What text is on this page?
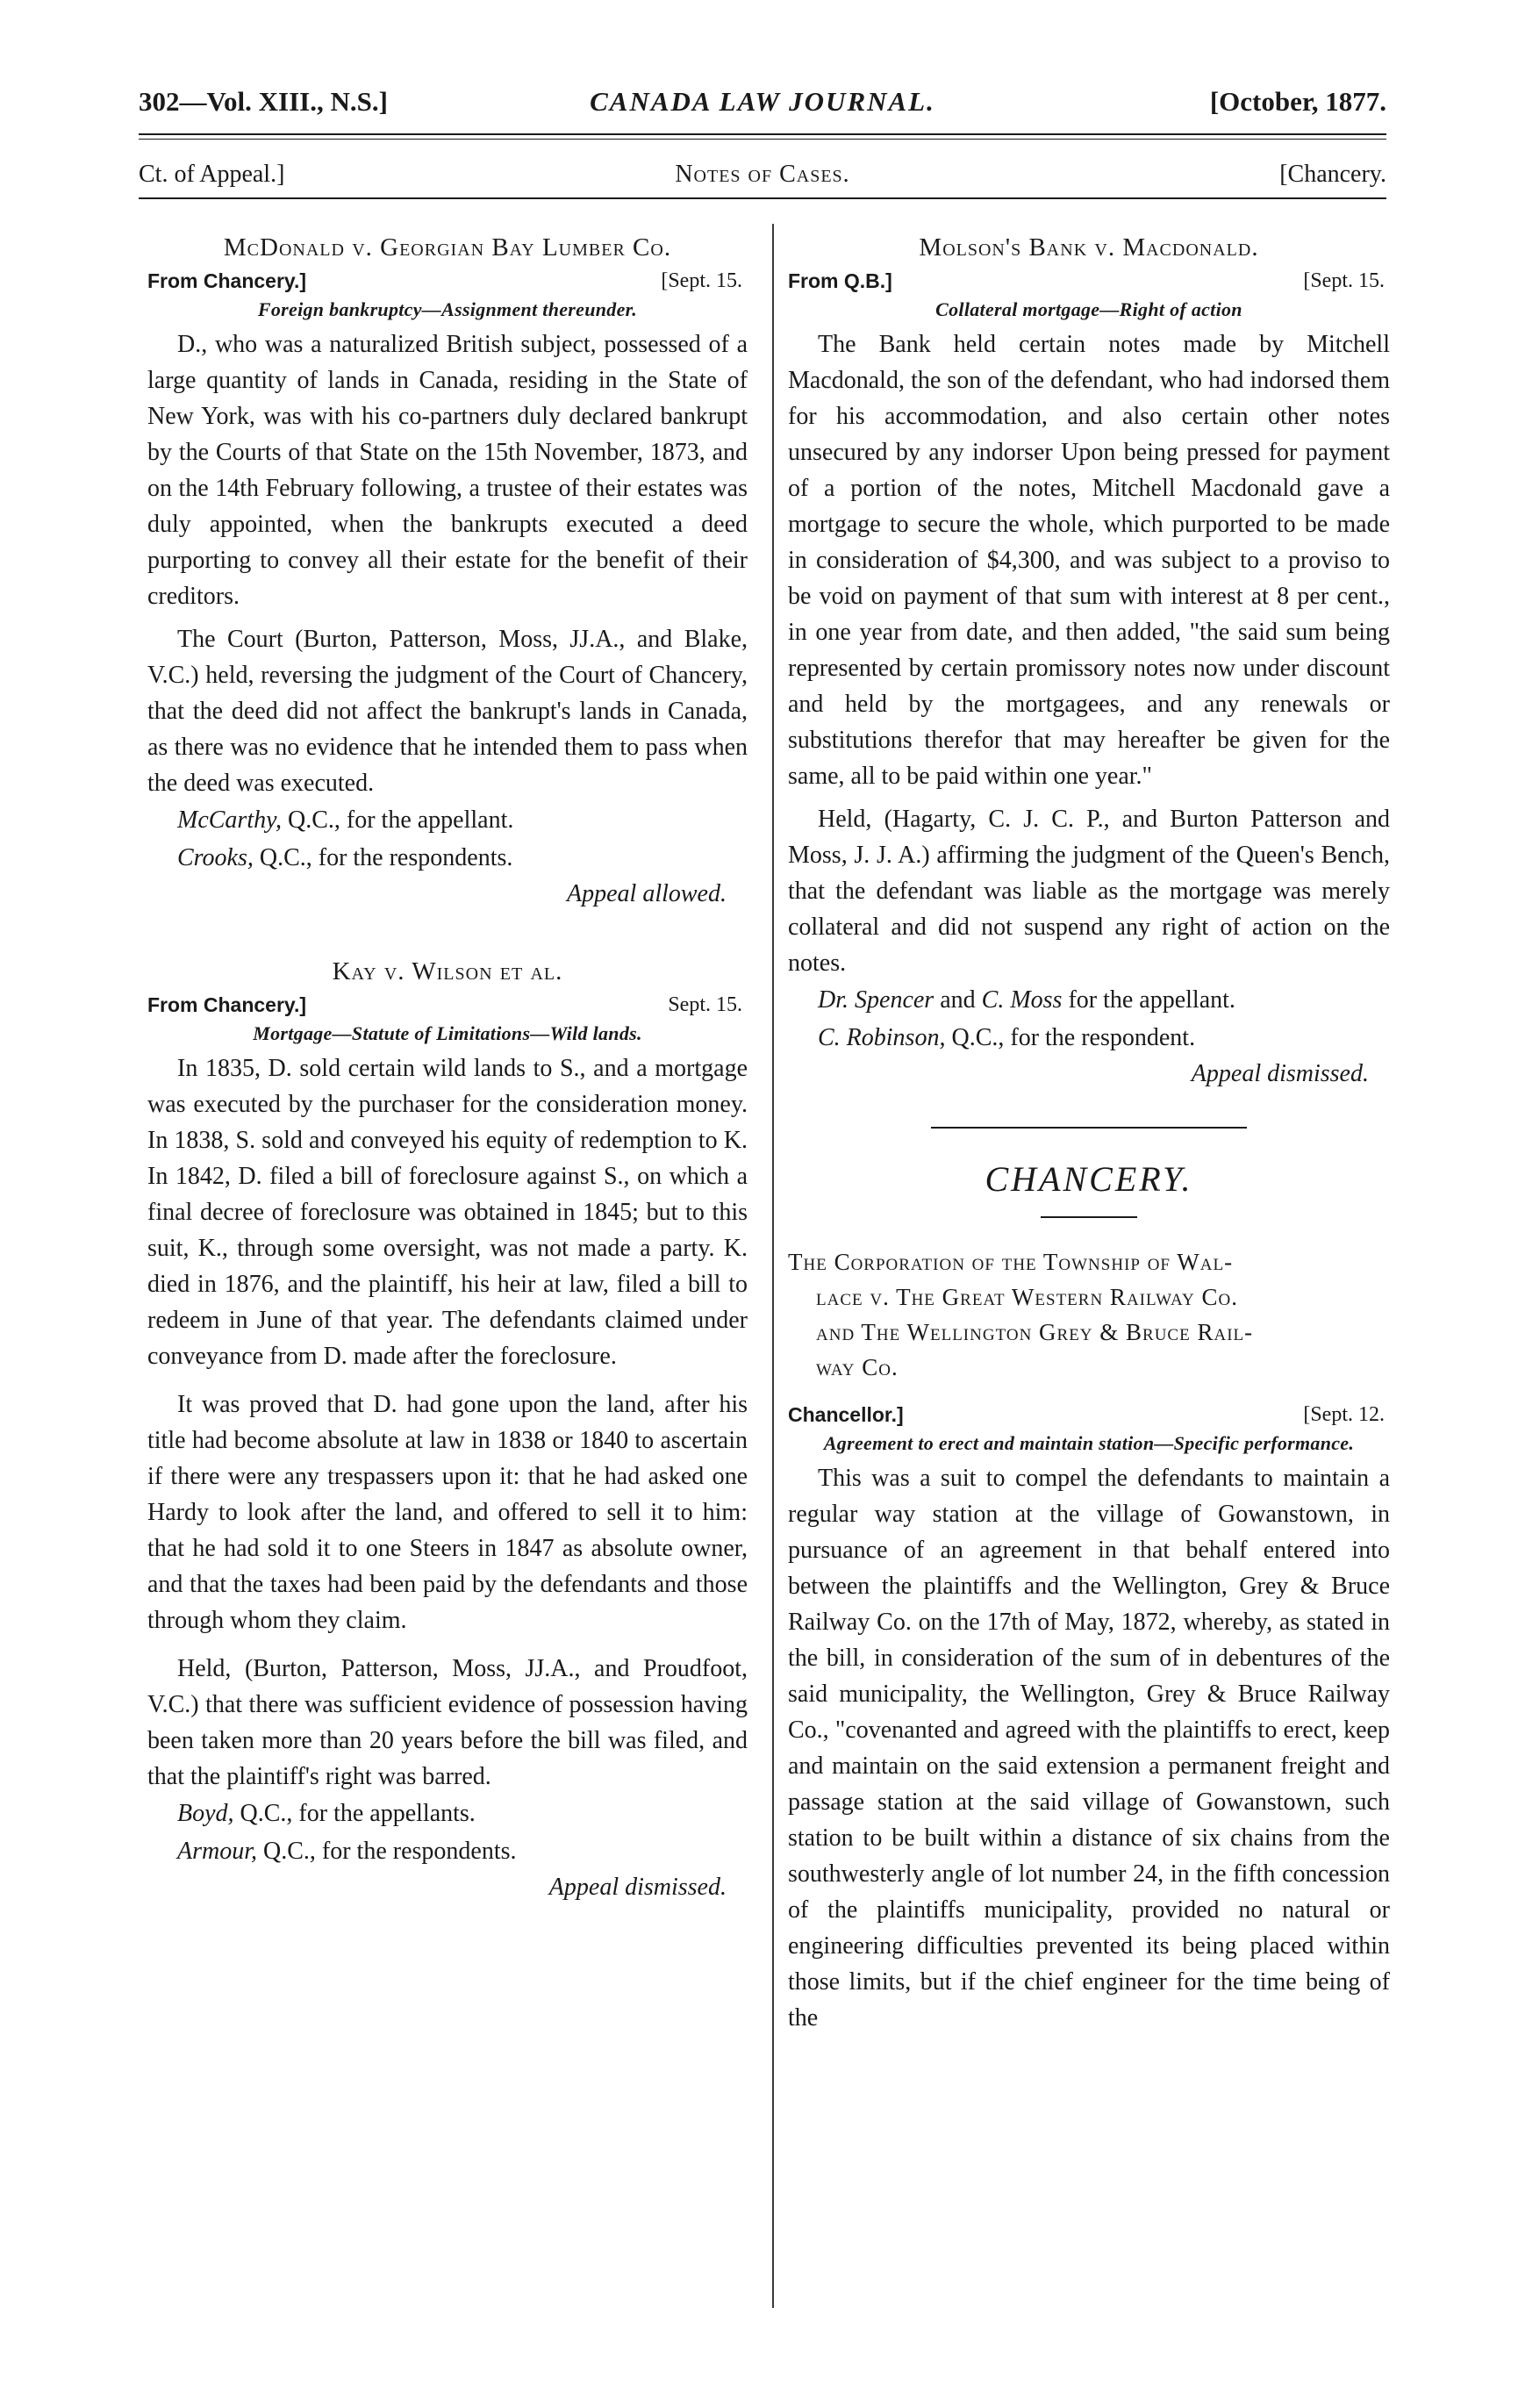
302—Vol. XIII., N.S.]	CANADA LAW JOURNAL.	[October, 1877.
Ct. of Appeal.]	Notes of Cases.	[Chancery.

McDonald v. Georgian Bay Lumber Co.

From Chancery.]	[Sept. 15.

Foreign bankruptcy—Assignment thereunder.

D., who was a naturalized British subject, possessed of a large quantity of lands in Canada, residing in the State of New York, was with his co-partners duly declared bankrupt by the Courts of that State on the 15th November, 1873, and on the 14th February following, a trustee of their estates was duly appointed, when the bankrupts executed a deed purporting to convey all their estate for the benefit of their creditors.

The Court (Burton, Patterson, Moss, JJ.A., and Blake, V.C.) held, reversing the judgment of the Court of Chancery, that the deed did not affect the bankrupt's lands in Canada, as there was no evidence that he intended them to pass when the deed was executed.

McCarthy, Q.C., for the appellant.

Crooks, Q.C., for the respondents.

Appeal allowed.

Kay v. Wilson et al.

From Chancery.]	Sept. 15.

Mortgage—Statute of Limitations—Wild lands.

In 1835, D. sold certain wild lands to S., and a mortgage was executed by the purchaser for the consideration money. In 1838, S. sold and conveyed his equity of redemption to K. In 1842, D. filed a bill of foreclosure against S., on which a final decree of foreclosure was obtained in 1845; but to this suit, K., through some oversight, was not made a party. K. died in 1876, and the plaintiff, his heir at law, filed a bill to redeem in June of that year. The defendants claimed under conveyance from D. made after the foreclosure.

It was proved that D. had gone upon the land, after his title had become absolute at law in 1838 or 1840 to ascertain if there were any trespassers upon it: that he had asked one Hardy to look after the land, and offered to sell it to him: that he had sold it to one Steers in 1847 as absolute owner, and that the taxes had been paid by the defendants and those through whom they claim.

Held, (Burton, Patterson, Moss, JJ.A., and Proudfoot, V.C.) that there was sufficient evidence of possession having been taken more than 20 years before the bill was filed, and that the plaintiff's right was barred.

Boyd, Q.C., for the appellants.

Armour, Q.C., for the respondents.

Appeal dismissed.

Molson's Bank v. Macdonald.

From Q.B.]	[Sept. 15.

Collateral mortgage—Right of action

The Bank held certain notes made by Mitchell Macdonald, the son of the defendant, who had indorsed them for his accommodation, and also certain other notes unsecured by any indorser Upon being pressed for payment of a portion of the notes, Mitchell Macdonald gave a mortgage to secure the whole, which purported to be made in consideration of $4,300, and was subject to a proviso to be void on payment of that sum with interest at 8 per cent., in one year from date, and then added, "the said sum being represented by certain promissory notes now under discount and held by the mortgagees, and any renewals or substitutions therefor that may hereafter be given for the same, all to be paid within one year."

Held, (Hagarty, C. J. C. P., and Burton Patterson and Moss, J. J. A.) affirming the judgment of the Queen's Bench, that the defendant was liable as the mortgage was merely collateral and did not suspend any right of action on the notes.

Dr. Spencer and C. Moss for the appellant.

C. Robinson, Q.C., for the respondent.

Appeal dismissed.

CHANCERY.

The Corporation of the Township of Wal-
lace v. The Great Western Railway Co.
and The Wellington Grey & Bruce Rail-
way Co.

Chancellor.]	[Sept. 12.

Agreement to erect and maintain station—Specific performance.

This was a suit to compel the defendants to maintain a regular way station at the village of Gowanstown, in pursuance of an agreement in that behalf entered into between the plaintiffs and the Wellington, Grey & Bruce Railway Co. on the 17th of May, 1872, whereby, as stated in the bill, in consideration of the sum of in debentures of the said municipality, the Wellington, Grey & Bruce Railway Co., "covenanted and agreed with the plaintiffs to erect, keep and maintain on the said extension a permanent freight and passage station at the said village of Gowanstown, such station to be built within a distance of six chains from the southwesterly angle of lot number 24, in the fifth concession of the plaintiffs municipality, provided no natural or engineering difficulties prevented its being placed within those limits, but if the chief engineer for the time being of the
